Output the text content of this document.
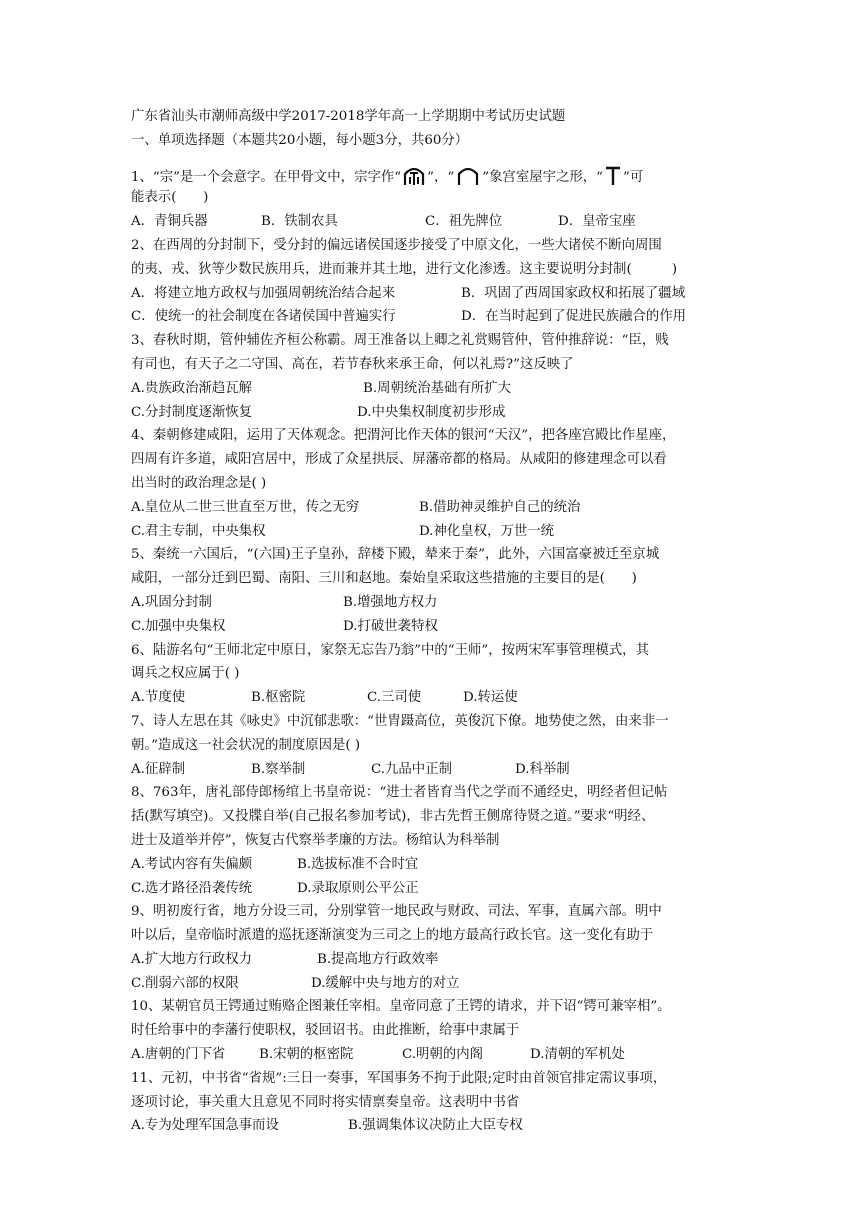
广东省汕头市潮师高级中学2017-2018学年高一上学期期中考试历史试题
一、单项选择题（本题共20小题，每小题3分，共60分）
1、“宗”是一个会意字。在甲骨文中，宗字作“ ”，“ ”象宫室屋宇之形，“ ”可
能表示(　　)
A．青铜兵器	B．铁制农具	C．祖先牌位	D．皇帝宝座
2、在西周的分封制下，受分封的偏远诸侯国逐步接受了中原文化，一些大诸侯不断向周围
的夷、戎、狄等少数民族用兵，进而兼并其土地，进行文化渗透。这主要说明分封制(　　　)
A．将建立地方政权与加强周朝统治结合起来	B．巩固了西周国家政权和拓展了疆域
C．使统一的社会制度在各诸侯国中普遍实行	D．在当时起到了促进民族融合的作用
3、春秋时期，管仲辅佐齐桓公称霸。周王准备以上卿之礼赏赐管仲，管仲推辞说：“臣，贱
有司也，有天子之二守国、高在，若节春秋来承王命，何以礼焉?”这反映了
A.贵族政治渐趋瓦解	B.周朝统治基础有所扩大
C.分封制度逐渐恢复	D.中央集权制度初步形成
4、秦朝修建咸阳，运用了天体观念。把渭河比作天体的银河“天汉”，把各座宫殿比作星座，
四周有许多道，咸阳宫居中，形成了众星拱辰、屏藩帝都的格局。从咸阳的修建理念可以看
出当时的政治理念是( )
A.皇位从二世三世直至万世，传之无穷	B.借助神灵维护自己的统治
C.君主专制，中央集权	D.神化皇权，万世一统
5、秦统一六国后，“(六国)王子皇孙，辞楼下殿，辇来于秦”，此外，六国富豪被迁至京城
咸阳，一部分迁到巴蜀、南阳、三川和赵地。秦始皇采取这些措施的主要目的是(　　)
A.巩固分封制	B.增强地方权力
C.加强中央集权	D.打破世袭特权
6、陆游名句“王师北定中原日，家祭无忘告乃翁”中的“王师”，按两宋军事管理模式，其
调兵之权应属于( )
A.节度使	B.枢密院	C.三司使	D.转运使
7、诗人左思在其《咏史》中沉郁悲歌：“世胄蹑高位，英俊沉下僚。地势使之然，由来非一
朝。”造成这一社会状况的制度原因是( )
A.征辟制	B.察举制	C.九品中正制	D.科举制
8、763年，唐礼部侍郎杨绾上书皇帝说：“进士者皆育当代之学而不通经史，明经者但记帖
括(默写填空)。又投牒自举(自己报名参加考试)，非古先哲王侧席待贤之道。”要求“明经、
进士及道举并停”，恢复古代察举孝廉的方法。杨绾认为科举制
A.考试内容有失偏颇	B.选拔标准不合时宜
C.选才路径沿袭传统	D.录取原则公平公正
9、明初废行省，地方分设三司，分别掌管一地民政与财政、司法、军事，直属六部。明中
叶以后，皇帝临时派遣的巡抚逐渐演变为三司之上的地方最高行政长官。这一变化有助于
A.扩大地方行政权力	B.提高地方行政效率
C.削弱六部的权限	D.缓解中央与地方的对立
10、某朝官员王锷通过贿赂企图兼任宰相。皇帝同意了王锷的请求，并下诏“锷可兼宰相”。
时任给事中的李藩行使职权，驳回诏书。由此推断，给事中隶属于
A.唐朝的门下省	B.宋朝的枢密院	C.明朝的内阁	D.清朝的军机处
11、元初，中书省“省规”:三日一奏事，军国事务不拘于此限;定时由首领官排定需议事项，
逐项讨论，事关重大且意见不同时将实情禀奏皇帝。这表明中书省
A.专为处理军国急事而设	B.强调集体议决防止大臣专权
